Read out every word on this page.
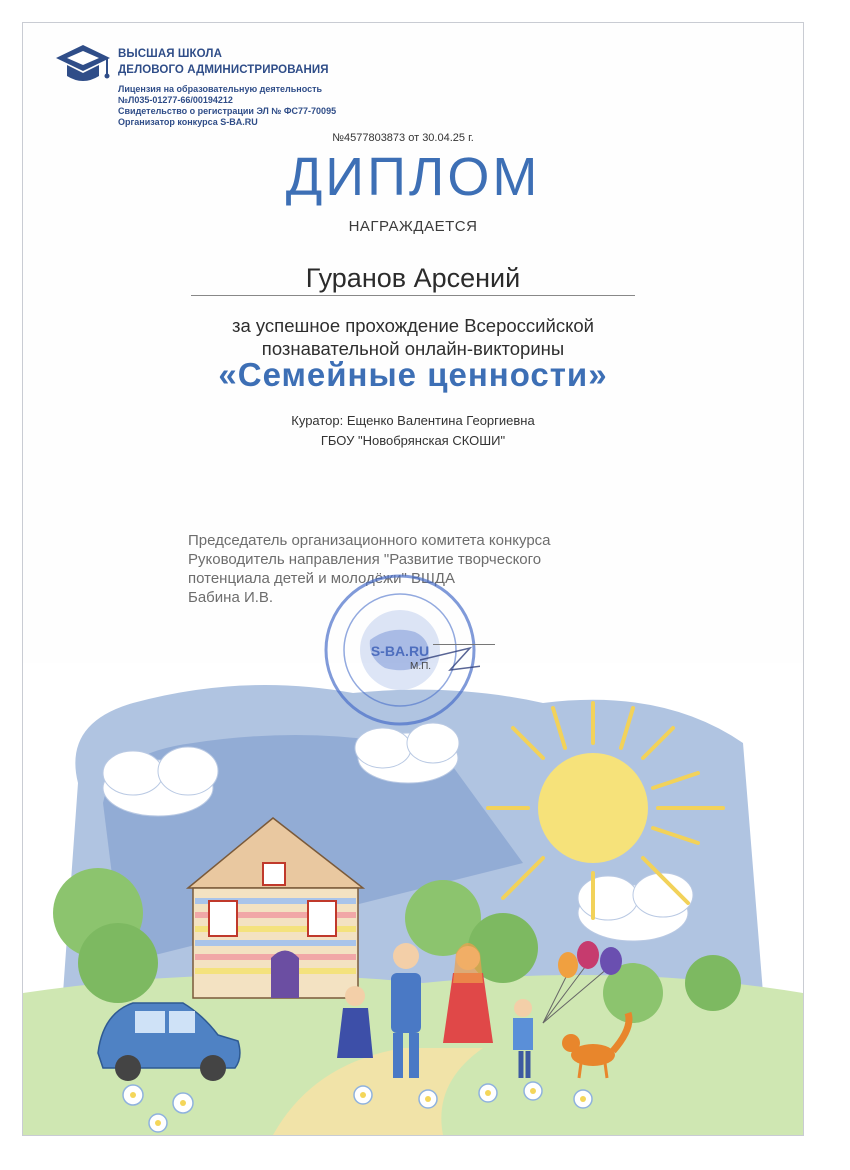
ВЫСШАЯ ШКОЛА
ДЕЛОВОГО АДМИНИСТРИРОВАНИЯ
Лицензия на образовательную деятельность
№Л035-01277-66/00194212
Свидетельство о регистрации ЭЛ № ФС77-70095
Организатор конкурса S-BA.RU
№4577803873 от 30.04.25 г.
ДИПЛОМ
НАГРАЖДАЕТСЯ
Гуранов Арсений
за успешное прохождение Всероссийской
познавательной онлайн-викторины
«Семейные ценности»
Куратор: Ещенко Валентина Георгиевна
ГБОУ "Новобрянская СКОШИ"
Председатель организационного комитета конкурса
Руководитель направления "Развитие творческого
потенциала детей и молодёжи" ВШДА
Бабина И.В.
S-BA.RU
М.П.
